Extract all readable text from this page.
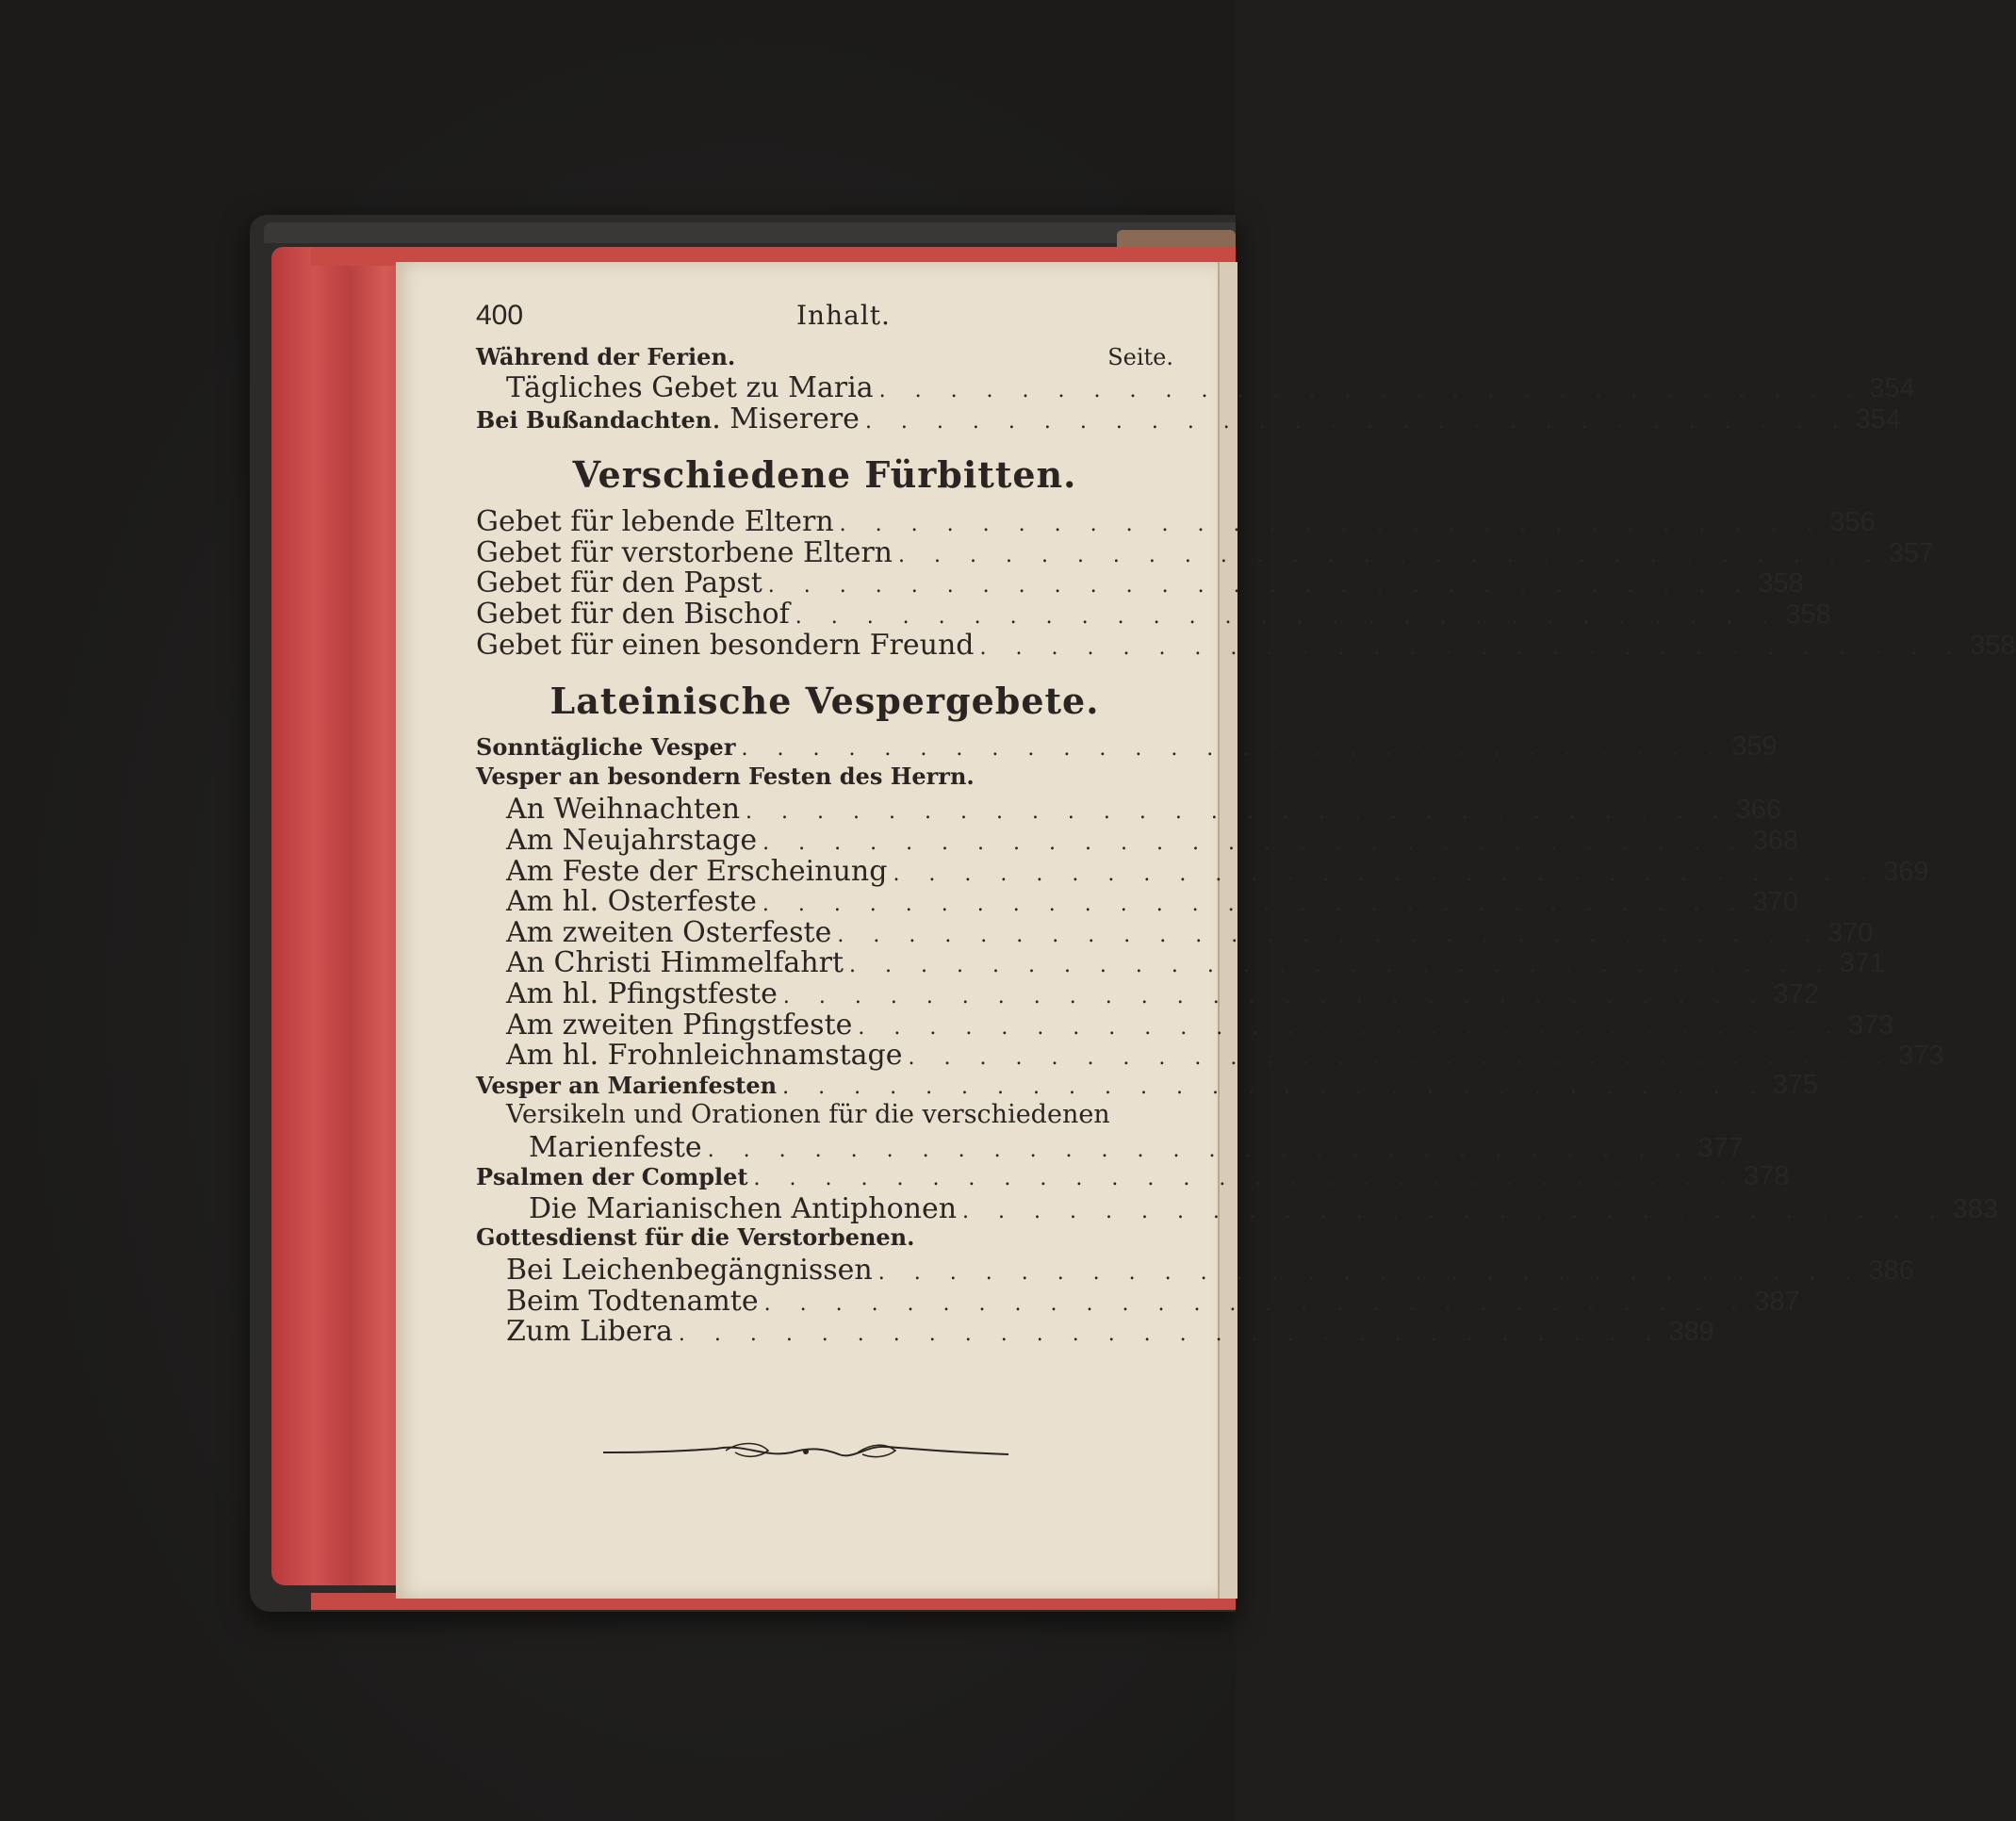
400	Inhalt.
Während der Ferien.	Seite.
Tägliches Gebet zu Maria . . . . . . . . . . . . . . . . . . . . . . . . . . . . 354
Bei Bußandachten. Miserere . . . . . . . . . . . . . . . . . . . . . . . . . . . . 354
Verschiedene Fürbitten.
Gebet für lebende Eltern . . . . . . . . . . . . . . . . . . . . . . . . . . . . 356
Gebet für verstorbene Eltern . . . . . . . . . . . . . . . . . . . . . . . . . . . . 357
Gebet für den Papst . . . . . . . . . . . . . . . . . . . . . . . . . . . . 358
Gebet für den Bischof . . . . . . . . . . . . . . . . . . . . . . . . . . . . 358
Gebet für einen besondern Freund . . . . . . . . . . . . . . . . . . . . . . . . . . . . 358
Lateinische Vespergebete.
Sonntägliche Vesper . . . . . . . . . . . . . . . . . . . . . . . . . . . . 359
Vesper an besondern Festen des Herrn.
An Weihnachten . . . . . . . . . . . . . . . . . . . . . . . . . . . . 366
Am Neujahrstage . . . . . . . . . . . . . . . . . . . . . . . . . . . . 368
Am Feste der Erscheinung . . . . . . . . . . . . . . . . . . . . . . . . . . . . 369
Am hl. Osterfeste . . . . . . . . . . . . . . . . . . . . . . . . . . . . 370
Am zweiten Osterfeste . . . . . . . . . . . . . . . . . . . . . . . . . . . . 370
An Christi Himmelfahrt . . . . . . . . . . . . . . . . . . . . . . . . . . . . 371
Am hl. Pfingstfeste . . . . . . . . . . . . . . . . . . . . . . . . . . . . 372
Am zweiten Pfingstfeste . . . . . . . . . . . . . . . . . . . . . . . . . . . . 373
Am hl. Frohnleichnamstage . . . . . . . . . . . . . . . . . . . . . . . . . . . . 373
Vesper an Marienfesten . . . . . . . . . . . . . . . . . . . . . . . . . . . . 375
Versikeln und Orationen für die verschiedenen
Marienfeste . . . . . . . . . . . . . . . . . . . . . . . . . . . . 377
Psalmen der Complet . . . . . . . . . . . . . . . . . . . . . . . . . . . . 378
Die Marianischen Antiphonen . . . . . . . . . . . . . . . . . . . . . . . . . . . . 383
Gottesdienst für die Verstorbenen.
Bei Leichenbegängnissen . . . . . . . . . . . . . . . . . . . . . . . . . . . . 386
Beim Todtenamte . . . . . . . . . . . . . . . . . . . . . . . . . . . . 387
Zum Libera . . . . . . . . . . . . . . . . . . . . . . . . . . . . 389
